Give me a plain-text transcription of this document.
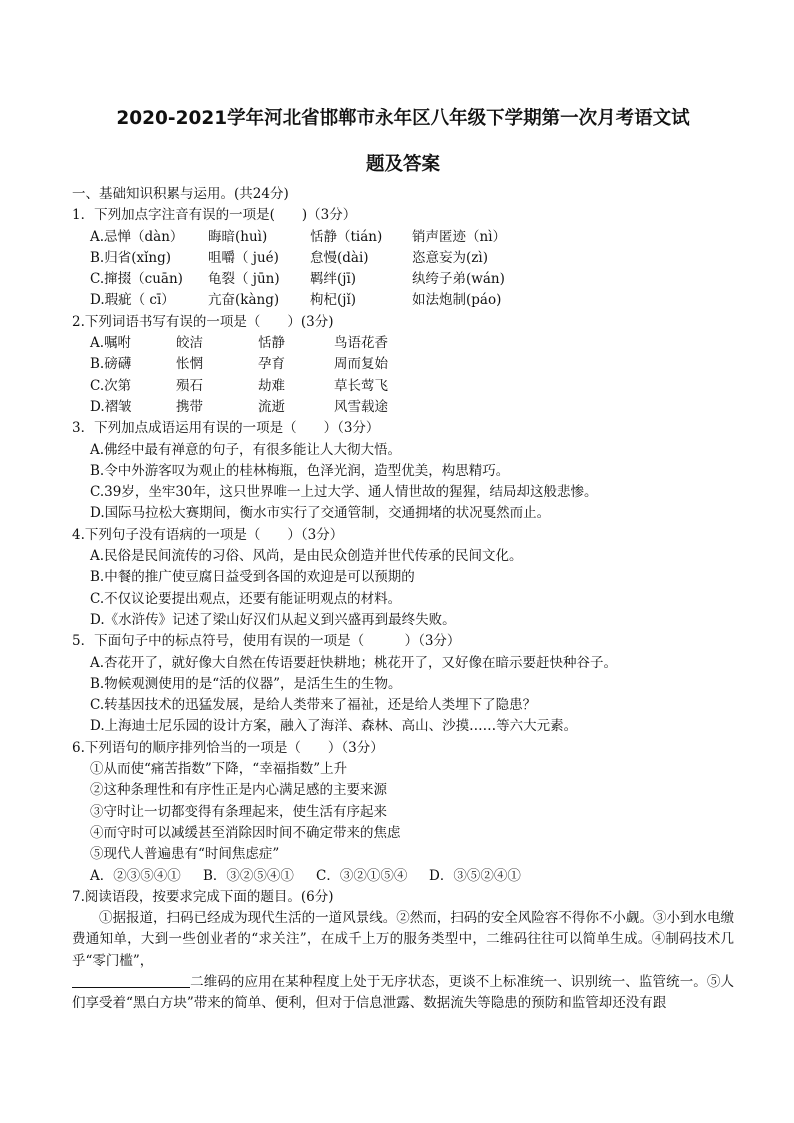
2020-2021学年河北省邯郸市永年区八年级下学期第一次月考语文试

题及答案

一、基础知识积累与运用。(共24分)

1．下列加点字注音有误的一项是(　　)（3分）

A.忌惮（dàn）	晦暗(huì)	恬静（tián)	销声匿迹（nì）
B.归省(xǐng)	咀嚼（ jué)	怠慢(dài)	恣意妄为(zì)
C.撺掇（cuān)	龟裂（ jūn)	羁绊(jī)	纨绔子弟(wán)
D.瑕疵（ cī）	亢奋(kàng)	枸杞(jǐ)	如法炮制(páo)

2.下列词语书写有误的一项是（　　）(3分)

A.嘱咐	皎洁	恬静	鸟语花香
B.磅礴	怅惘	孕育	周而复始
C.次第	殒石	劫难	草长莺飞
D.褶皱	携带	流逝	风雪载途

3．下列加点成语运用有误的一项是（　　）（3分）

A.佛经中最有禅意的句子，有很多能让人大彻大悟。

B.令中外游客叹为观止的桂林梅瓶，色泽光润，造型优美，构思精巧。

C.39岁，坐牢30年，这只世界唯一上过大学、通人情世故的猩猩，结局却这般悲惨。

D.国际马拉松大赛期间，衡水市实行了交通管制，交通拥堵的状况戛然而止。

4.下列句子没有语病的一项是（　　）（3分）

A.民俗是民间流传的习俗、风尚，是由民众创造并世代传承的民间文化。

B.中餐的推广使豆腐日益受到各国的欢迎是可以预期的

C.不仅议论要提出观点，还要有能证明观点的材料。

D.《水浒传》记述了梁山好汉们从起义到兴盛再到最终失败。

5．下面句子中的标点符号，使用有误的一项是（　　　）（3分）

A.杏花开了，就好像大自然在传语要赶快耕地；桃花开了，又好像在暗示要赶快种谷子。

B.物候观测使用的是“活的仪器”，是活生生的生物。

C.转基因技术的迅猛发展，是给人类带来了福祉，还是给人类埋下了隐患？

D.上海迪士尼乐园的设计方案，融入了海洋、森林、高山、沙摸……等六大元素。

6.下列语句的顺序排列恰当的一项是（　　）（3分）

①从而使“痛苦指数”下降，“幸福指数”上升

②这种条理性和有序性正是内心满足感的主要来源

③守时让一切都变得有条理起来，使生活有序起来

④而守时可以减缓甚至消除因时间不确定带来的焦虑

⑤现代人普遍患有“时间焦虑症”

A．②③⑤④①	B．③②⑤④①	C．③②①⑤④	D．③⑤②④①

7.阅读语段，按要求完成下面的题目。(6分)

①据报道，扫码已经成为现代生活的一道风景线。②然而，扫码的安全风险容不得你不小觑。③小到水电缴费通知单，大到一些创业者的“求关注”，在成千上万的服务类型中，二维码往往可以简单生成。④制码技术几乎“零门槛”，

二维码的应用在某种程度上处于无序状态，更谈不上标准统一、识别统一、监管统一。⑤人们享受着“黑白方块”带来的简单、便利，但对于信息泄露、数据流失等隐患的预防和监管却还没有跟
